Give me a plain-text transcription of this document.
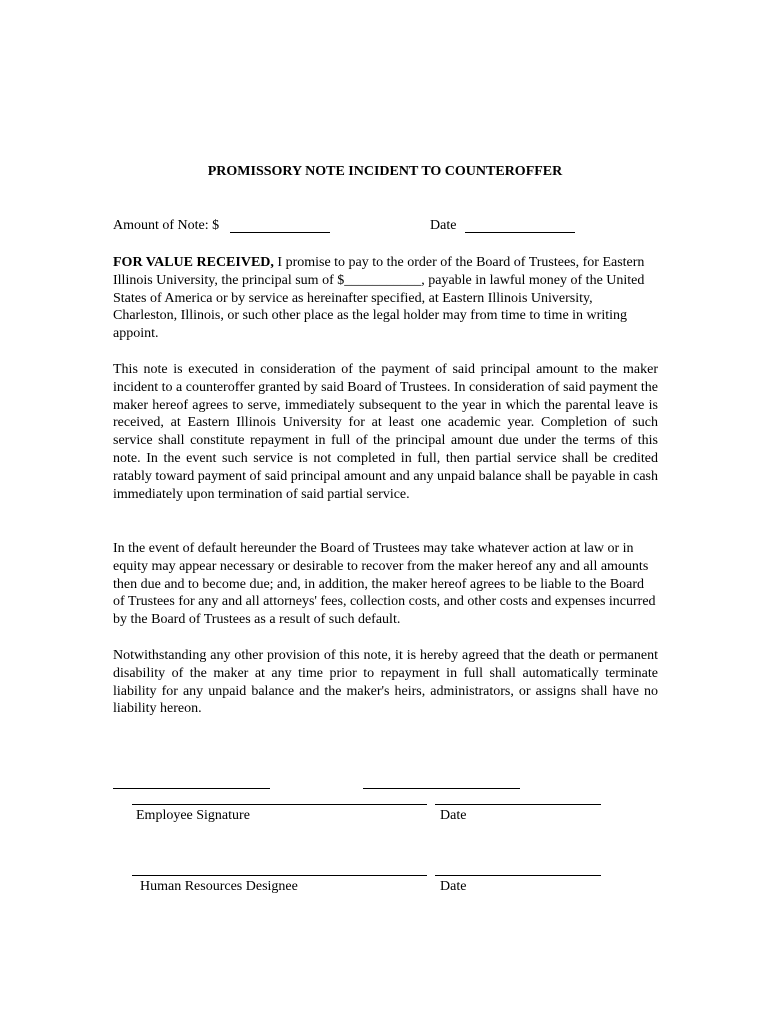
PROMISSORY NOTE INCIDENT TO COUNTEROFFER
Amount of Note: $	Date

FOR VALUE RECEIVED, I promise to pay to the order of the Board of Trustees, for Eastern Illinois University, the principal sum of $___________, payable in lawful money of the United States of America or by service as hereinafter specified, at Eastern Illinois University, Charleston, Illinois, or such other place as the legal holder may from time to time in writing appoint.

This note is executed in consideration of the payment of said principal amount to the maker incident to a counteroffer granted by said Board of Trustees. In consideration of said payment the maker hereof agrees to serve, immediately subsequent to the year in which the parental leave is received, at Eastern Illinois University for at least one academic year. Completion of such service shall constitute repayment in full of the principal amount due under the terms of this note. In the event such service is not completed in full, then partial service shall be credited ratably toward payment of said principal amount and any unpaid balance shall be payable in cash immediately upon termination of said partial service.

In the event of default hereunder the Board of Trustees may take whatever action at law or in equity may appear necessary or desirable to recover from the maker hereof any and all amounts then due and to become due; and, in addition, the maker hereof agrees to be liable to the Board of Trustees for any and all attorneys' fees, collection costs, and other costs and expenses incurred by the Board of Trustees as a result of such default.

Notwithstanding any other provision of this note, it is hereby agreed that the death or permanent disability of the maker at any time prior to repayment in full shall automatically terminate liability for any unpaid balance and the maker's heirs, administrators, or assigns shall have no liability hereon.

Employee Signature	Date
Human Resources Designee	Date
